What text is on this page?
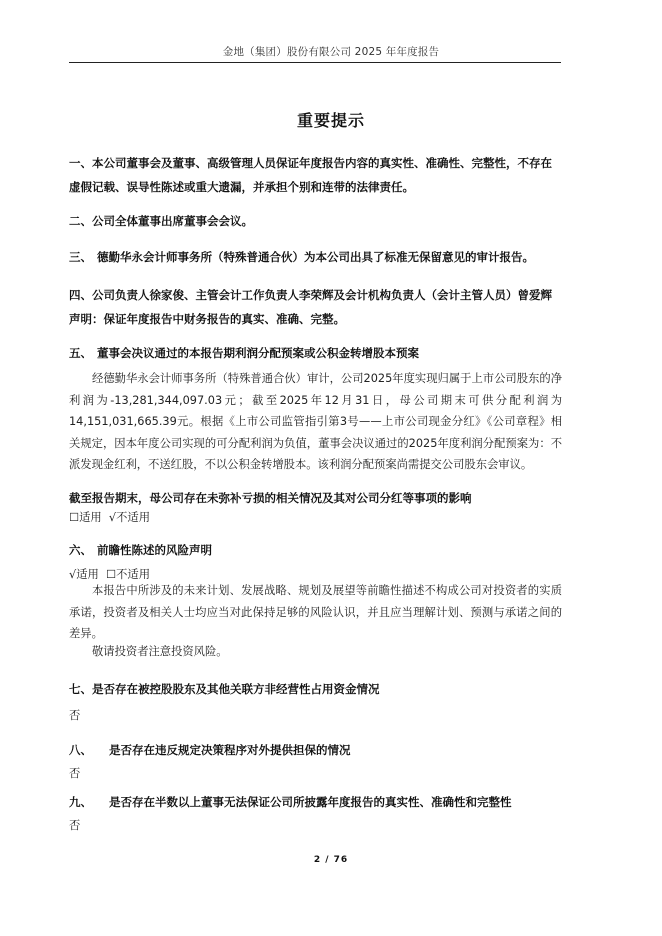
金地（集团）股份有限公司 2025 年年度报告
重要提示
一、本公司董事会及董事、高级管理人员保证年度报告内容的真实性、准确性、完整性，不存在
虚假记载、误导性陈述或重大遗漏，并承担个别和连带的法律责任。
二、公司全体董事出席董事会会议。
三、 德勤华永会计师事务所（特殊普通合伙）为本公司出具了标准无保留意见的审计报告。
四、公司负责人徐家俊、主管会计工作负责人李荣辉及会计机构负责人（会计主管人员）曾爱辉
声明：保证年度报告中财务报告的真实、准确、完整。
五、 董事会决议通过的本报告期利润分配预案或公积金转增股本预案
经德勤华永会计师事务所（特殊普通合伙）审计，公司2025年度实现归属于上市公司股东的净利润为-13,281,344,097.03元；截至2025年12月31日，母公司期末可供分配利润为14,151,031,665.39元。根据《上市公司监管指引第3号——上市公司现金分红》《公司章程》相关规定，因本年度公司实现的可分配利润为负值，董事会决议通过的2025年度利润分配预案为：不派发现金红利，不送红股，不以公积金转增股本。该利润分配预案尚需提交公司股东会审议。
截至报告期末，母公司存在未弥补亏损的相关情况及其对公司分红等事项的影响
☐适用  √不适用
六、 前瞻性陈述的风险声明
√适用  ☐不适用
本报告中所涉及的未来计划、发展战略、规划及展望等前瞻性描述不构成公司对投资者的实质承诺，投资者及相关人士均应当对此保持足够的风险认识，并且应当理解计划、预测与承诺之间的差异。
敬请投资者注意投资风险。
七、是否存在被控股股东及其他关联方非经营性占用资金情况
否
八、 是否存在违反规定决策程序对外提供担保的情况
否
九、 是否存在半数以上董事无法保证公司所披露年度报告的真实性、准确性和完整性
否
2 / 76
